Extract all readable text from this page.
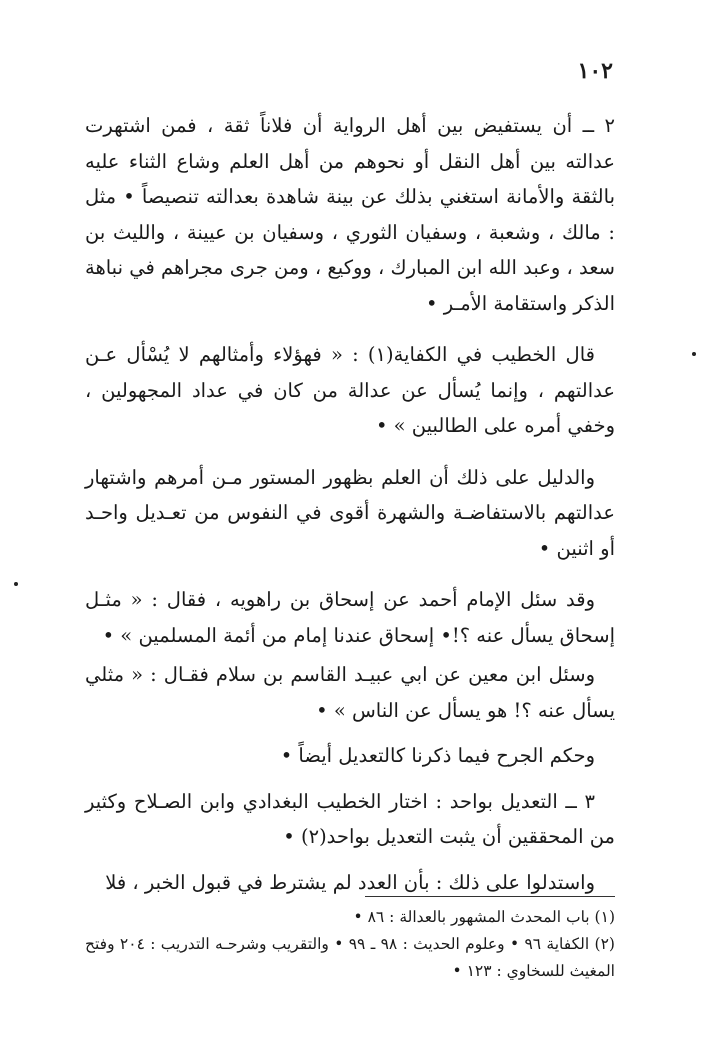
١٠٢

٢ ــ أن يستفيض بين أهل الرواية أن فلاناً ثقة ، فمن اشتهرت عدالته بين أهل النقل أو نحوهم من أهل العلم وشاع الثناء عليه بالثقة والأمانة استغني بذلك عن بينة شاهدة بعدالته تنصيصاً • مثل : مالك ، وشعبة ، وسفيان الثوري ، وسفيان بن عيينة ، والليث بن سعد ، وعبد الله ابن المبارك ، ووكيع ، ومن جرى مجراهم في نباهة الذكر واستقامة الأمـر •

قال الخطيب في الكفاية(١) : « فهؤلاء وأمثالهم لا يُسْأل عـن عدالتهم ، وإنما يُسأل عن عدالة من كان في عداد المجهولين ، وخفي أمره على الطالبين » •

والدليل على ذلك أن العلم بظهور المستور مـن أمرهم واشتهار عدالتهم بالاستفاضـة والشهرة أقوى في النفوس من تعـديل واحـد أو اثنين •

وقد سئل الإمام أحمد عن إسحاق بن راهويه ، فقال : « مثـل إسحاق يسأل عنه ؟!• إسحاق عندنا إمام من أئمة المسلمين » •

وسئل ابن معين عن ابي عبيـد القاسم بن سلام فقـال : « مثلي يسأل عنه ؟! هو يسأل عن الناس » •

وحكم الجرح فيما ذكرنا كالتعديل أيضاً •

٣ ــ التعديل بواحد : اختار الخطيب البغدادي وابن الصـلاح وكثير من المحققين أن يثبت التعديل بواحد(٢) •

واستدلوا على ذلك : بأن العدد لم يشترط في قبول الخبر ، فلا

(١) باب المحدث المشهور بالعدالة : ٨٦ •

(٢) الكفاية ٩٦ • وعلوم الحديث : ٩٨ ـ ٩٩ • والتقريب وشرحـه التدريب : ٢٠٤ وفتح المغيث للسخاوي : ١٢٣ •
